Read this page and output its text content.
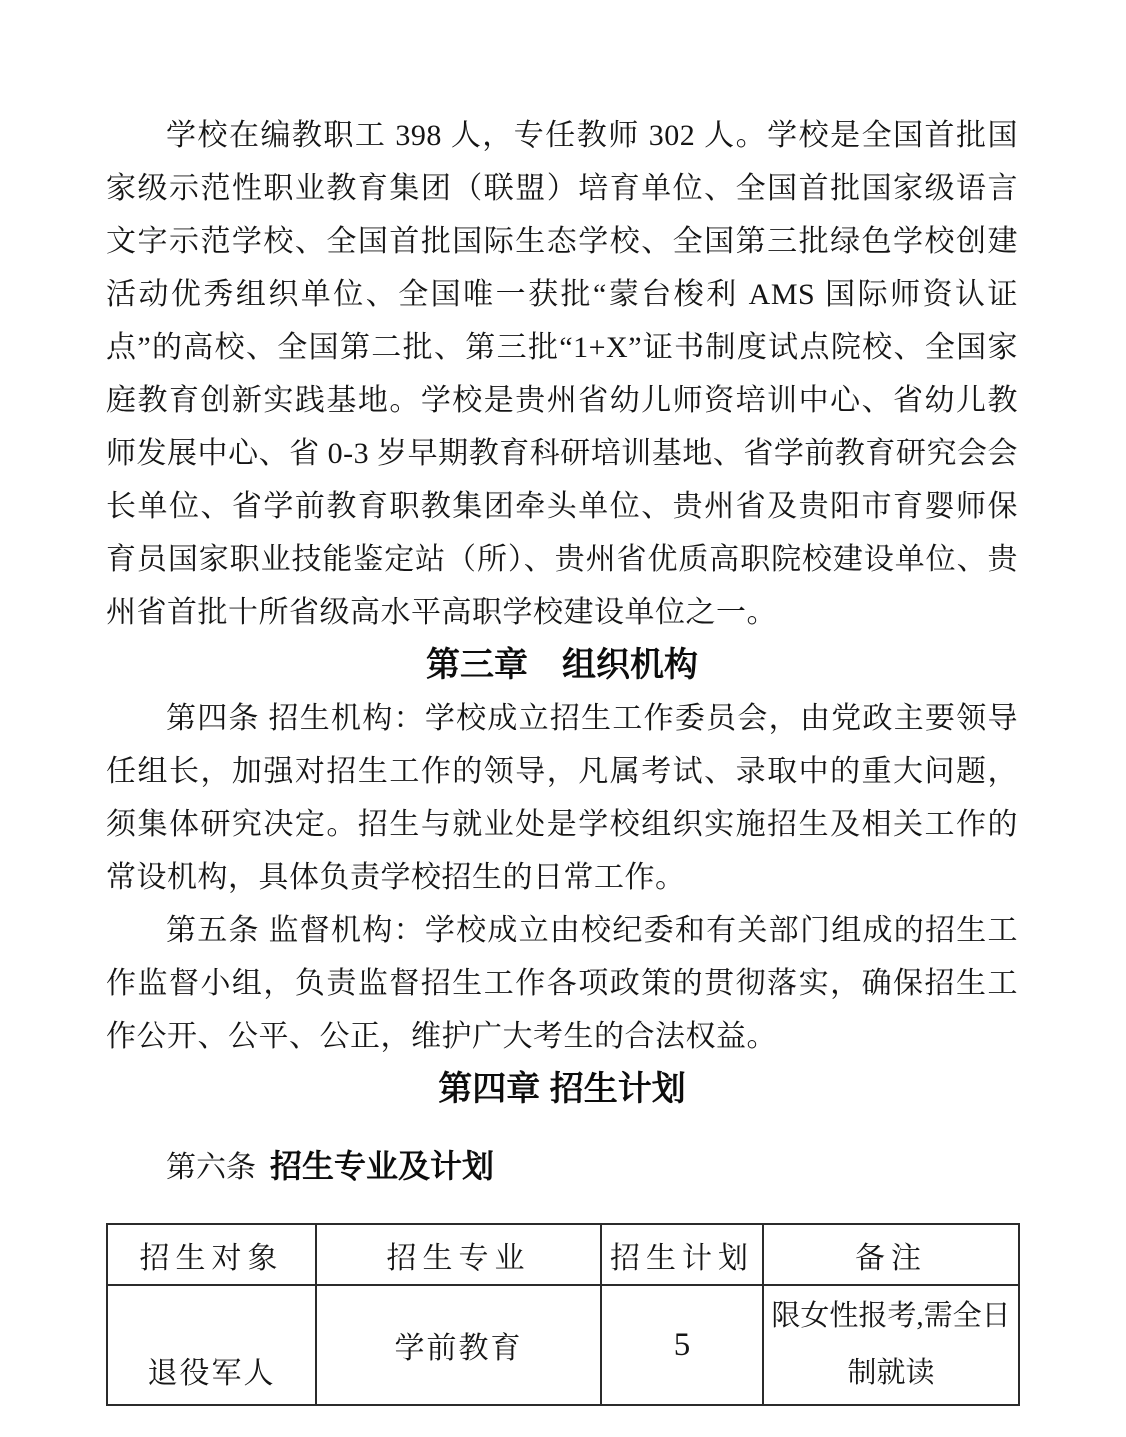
学校在编教职工 398 人，专任教师 302 人。学校是全国首批国家级示范性职业教育集团（联盟）培育单位、全国首批国家级语言文字示范学校、全国首批国际生态学校、全国第三批绿色学校创建活动优秀组织单位、全国唯一获批“蒙台梭利 AMS 国际师资认证点”的高校、全国第二批、第三批“1+X”证书制度试点院校、全国家庭教育创新实践基地。学校是贵州省幼儿师资培训中心、省幼儿教师发展中心、省 0-3 岁早期教育科研培训基地、省学前教育研究会会长单位、省学前教育职教集团牵头单位、贵州省及贵阳市育婴师保育员国家职业技能鉴定站（所）、贵州省优质高职院校建设单位、贵州省首批十所省级高水平高职学校建设单位之一。

第三章　组织机构

第四条 招生机构：学校成立招生工作委员会，由党政主要领导任组长，加强对招生工作的领导，凡属考试、录取中的重大问题，须集体研究决定。招生与就业处是学校组织实施招生及相关工作的常设机构，具体负责学校招生的日常工作。

第五条 监督机构：学校成立由校纪委和有关部门组成的招生工作监督小组，负责监督招生工作各项政策的贯彻落实，确保招生工作公开、公平、公正，维护广大考生的合法权益。

第四章 招生计划

第六条 招生专业及计划

招生对象	招生专业	招生计划	备注
退役军人	学前教育	5	限女性报考,需全日制就读
